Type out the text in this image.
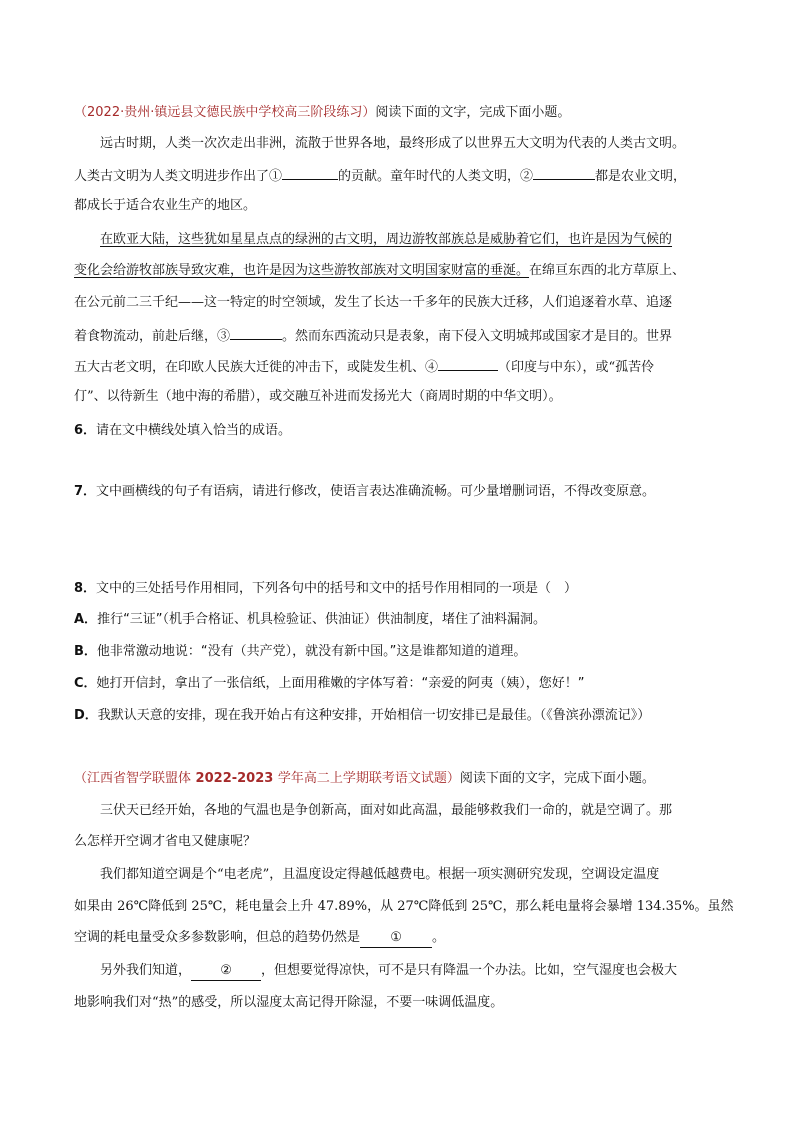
（2022·贵州·镇远县文德民族中学校高三阶段练习）阅读下面的文字，完成下面小题。
远古时期，人类一次次走出非洲，流散于世界各地，最终形成了以世界五大文明为代表的人类古文明。
人类古文明为人类文明进步作出了①	的贡献。童年时代的人类文明，②	都是农业文明，
都成长于适合农业生产的地区。
在欧亚大陆，这些犹如星星点点的绿洲的古文明，周边游牧部族总是威胁着它们，也许是因为气候的
变化会给游牧部族导致灾难，也许是因为这些游牧部族对文明国家财富的垂涎。在绵亘东西的北方草原上、
在公元前二三千纪——这一特定的时空领域，发生了长达一千多年的民族大迁移，人们追逐着水草、追逐
着食物流动，前赴后继，③	。然而东西流动只是表象，南下侵入文明城邦或国家才是目的。世界
五大古老文明，在印欧人民族大迁徙的冲击下，或陡发生机、④	（印度与中东），或“孤苦伶
仃”、以待新生（地中海的希腊），或交融互补进而发扬光大（商周时期的中华文明）。
6．请在文中横线处填入恰当的成语。
7．文中画横线的句子有语病，请进行修改，使语言表达准确流畅。可少量增删词语，不得改变原意。
8．文中的三处括号作用相同，下列各句中的括号和文中的括号作用相同的一项是（　）
A．推行“三证”（机手合格证、机具检验证、供油证）供油制度，堵住了油料漏洞。
B．他非常激动地说：“没有（共产党），就没有新中国。”这是谁都知道的道理。
C．她打开信封，拿出了一张信纸，上面用稚嫩的字体写着：“亲爱的阿夷（姨），您好！”
D．我默认天意的安排，现在我开始占有这种安排，开始相信一切安排已是最佳。（《鲁滨孙漂流记》）
（江西省智学联盟体 2022-2023 学年高二上学期联考语文试题）阅读下面的文字，完成下面小题。
三伏天已经开始，各地的气温也是争创新高，面对如此高温，最能够救我们一命的，就是空调了。那
么怎样开空调才省电又健康呢？
我们都知道空调是个“电老虎”，且温度设定得越低越费电。根据一项实测研究发现，空调设定温度
如果由 26℃降低到 25℃，耗电量会上升 47.89%，从 27℃降低到 25℃，那么耗电量将会暴增 134.35%。虽然
空调的耗电量受众多参数影响，但总的趋势仍然是 ① 。
另外我们知道， ② ，但想要觉得凉快，可不是只有降温一个办法。比如，空气湿度也会极大
地影响我们对“热”的感受，所以湿度太高记得开除湿，不要一味调低温度。
